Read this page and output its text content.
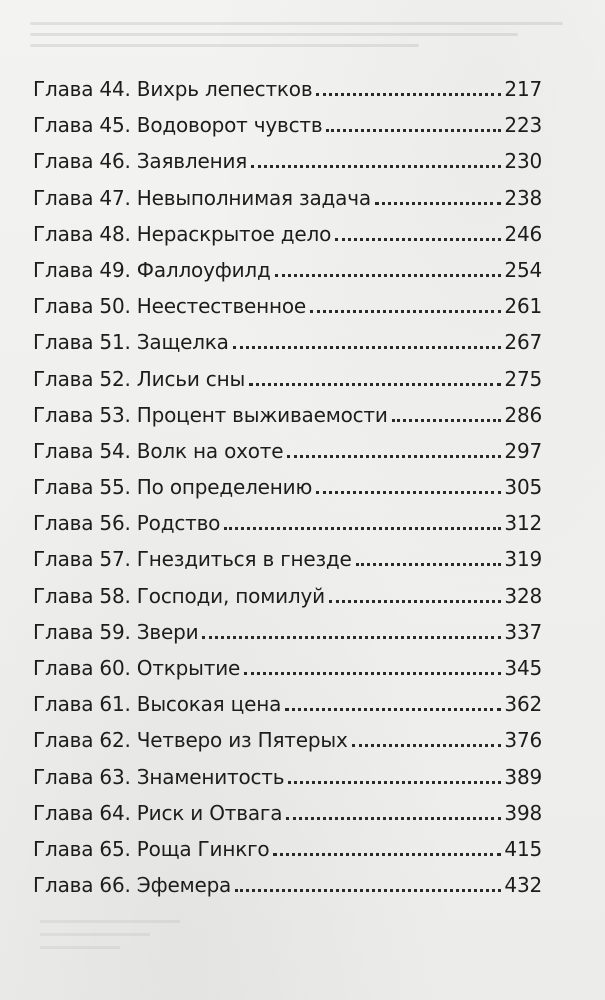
Глава 44. Вихрь лепестков	217
Глава 45. Водоворот чувств	223
Глава 46. Заявления	230
Глава 47. Невыполнимая задача	238
Глава 48. Нераскрытое дело	246
Глава 49. Фаллоуфилд	254
Глава 50. Неестественное	261
Глава 51. Защелка	267
Глава 52. Лисьи сны	275
Глава 53. Процент выживаемости	286
Глава 54. Волк на охоте	297
Глава 55. По определению	305
Глава 56. Родство	312
Глава 57. Гнездиться в гнезде	319
Глава 58. Господи, помилуй	328
Глава 59. Звери	337
Глава 60. Открытие	345
Глава 61. Высокая цена	362
Глава 62. Четверо из Пятерых	376
Глава 63. Знаменитость	389
Глава 64. Риск и Отвага	398
Глава 65. Роща Гинкго	415
Глава 66. Эфемера	432
